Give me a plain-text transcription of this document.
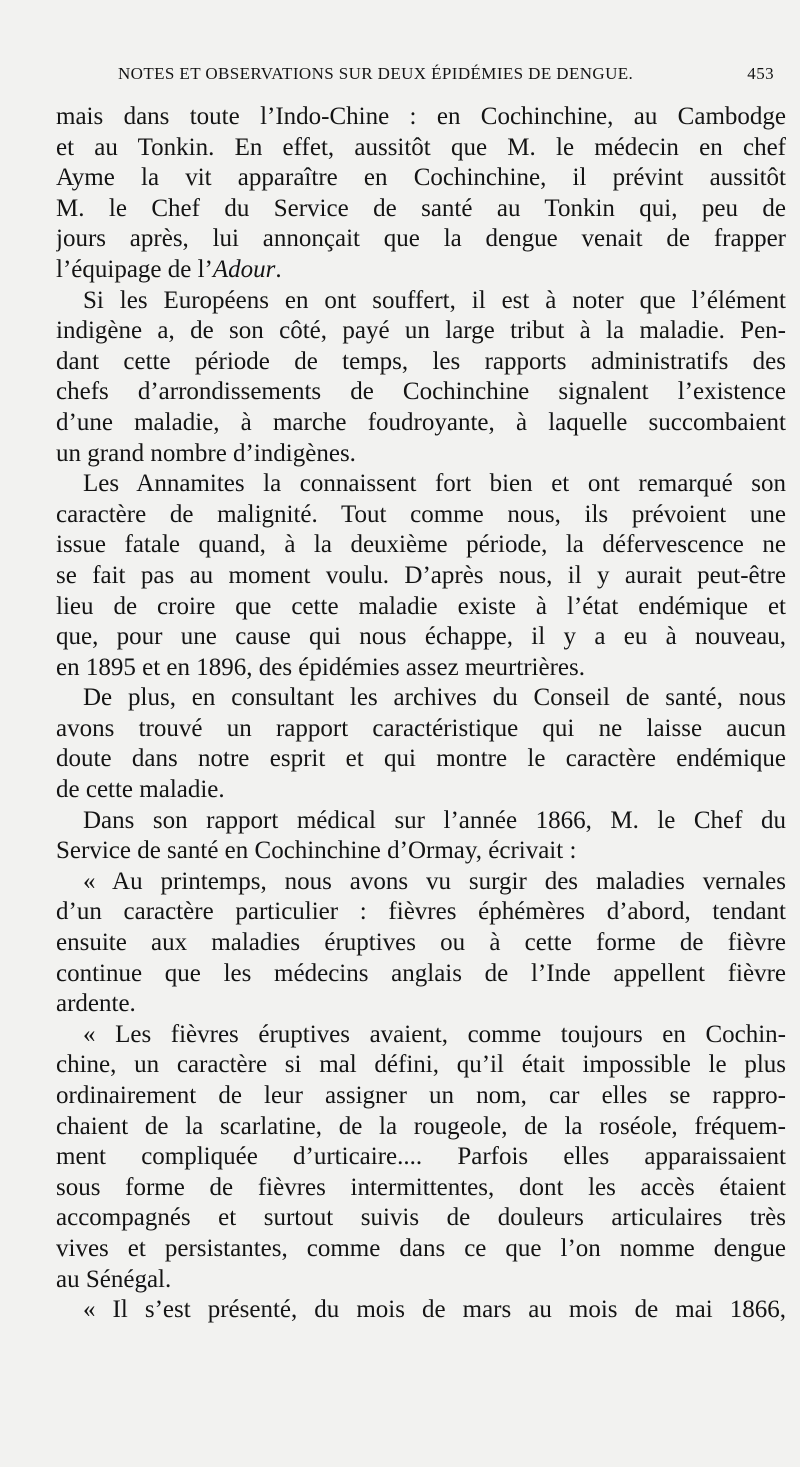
NOTES ET OBSERVATIONS SUR DEUX ÉPIDÉMIES DE DENGUE.	453
mais dans toute l’Indo-Chine : en Cochinchine, au Cambodge
et au Tonkin. En effet, aussitôt que M. le médecin en chef
Ayme la vit apparaître en Cochinchine, il prévint aussitôt
M. le Chef du Service de santé au Tonkin qui, peu de
jours après, lui annonçait que la dengue venait de frapper
l’équipage de l’Adour.
Si les Européens en ont souffert, il est à noter que l’élément
indigène a, de son côté, payé un large tribut à la maladie. Pen-
dant cette période de temps, les rapports administratifs des
chefs d’arrondissements de Cochinchine signalent l’existence
d’une maladie, à marche foudroyante, à laquelle succombaient
un grand nombre d’indigènes.
Les Annamites la connaissent fort bien et ont remarqué son
caractère de malignité. Tout comme nous, ils prévoient une
issue fatale quand, à la deuxième période, la défervescence ne
se fait pas au moment voulu. D’après nous, il y aurait peut-être
lieu de croire que cette maladie existe à l’état endémique et
que, pour une cause qui nous échappe, il y a eu à nouveau,
en 1895 et en 1896, des épidémies assez meurtrières.
De plus, en consultant les archives du Conseil de santé, nous
avons trouvé un rapport caractéristique qui ne laisse aucun
doute dans notre esprit et qui montre le caractère endémique
de cette maladie.
Dans son rapport médical sur l’année 1866, M. le Chef du
Service de santé en Cochinchine d’Ormay, écrivait :
« Au printemps, nous avons vu surgir des maladies vernales
d’un caractère particulier : fièvres éphémères d’abord, tendant
ensuite aux maladies éruptives ou à cette forme de fièvre
continue que les médecins anglais de l’Inde appellent fièvre
ardente.
« Les fièvres éruptives avaient, comme toujours en Cochin-
chine, un caractère si mal défini, qu’il était impossible le plus
ordinairement de leur assigner un nom, car elles se rappro-
chaient de la scarlatine, de la rougeole, de la roséole, fréquem-
ment compliquée d’urticaire.... Parfois elles apparaissaient
sous forme de fièvres intermittentes, dont les accès étaient
accompagnés et surtout suivis de douleurs articulaires très
vives et persistantes, comme dans ce que l’on nomme dengue
au Sénégal.
« Il s’est présenté, du mois de mars au mois de mai 1866,
